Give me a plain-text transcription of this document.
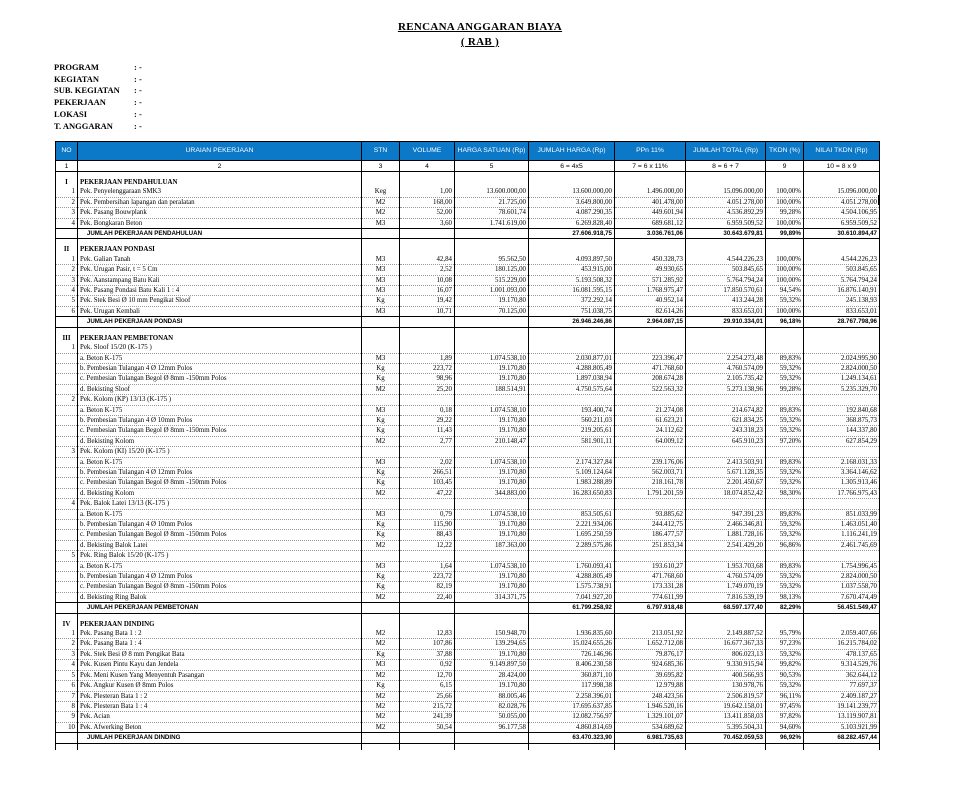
RENCANA ANGGARAN BIAYA
( RAB )
PROGRAM	: -
KEGIATAN	: -
SUB. KEGIATAN	: -
PEKERJAAN	: -
LOKASI	: -
T. ANGGARAN	: -
NO	URAIAN PEKERJAAN	STN	VOLUME	HARGA SATUAN (Rp)	JUMLAH HARGA (Rp)	PPn 11%	JUMLAH TOTAL (Rp)	TKDN (%)	NILAI TKDN (Rp)
1	2	3	4	5	6 = 4x5	7 = 6 x 11%	8 = 6 + 7	9	10 = 8 x 9

I	PEKERJAAN PENDAHULUAN								
1	Pek. Penyelenggaraan SMK3	Keg	1,00	13.600.000,00	13.600.000,00	1.496.000,00	15.096.000,00	100,00%	15.096.000,00
2	Pek. Pembersihan lapangan dan peralatan	M2	168,00	21.725,00	3.649.800,00	401.478,00	4.051.278,00	100,00%	4.051.278,00
3	Pek. Pasang Bouwplank	M2	52,00	78.601,74	4.087.290,35	449.601,94	4.536.892,29	99,28%	4.504.106,95
4	Pek. Bongkaran Beton	M3	3,60	1.741.619,00	6.269.828,40	689.681,12	6.959.509,52	100,00%	6.959.509,52
	JUMLAH PEKERJAAN PENDAHULUAN				27.606.918,75	3.036.761,06	30.643.679,81	99,89%	30.610.894,47

II	PEKERJAAN PONDASI								
1	Pek. Galian Tanah	M3	42,84	95.562,50	4.093.897,50	450.328,73	4.544.226,23	100,00%	4.544.226,23
2	Pek. Urugan Pasir, t = 5 Cm	M3	2,52	180.125,00	453.915,00	49.930,65	503.845,65	100,00%	503.845,65
3	Pek. Aanstampang Batu Kali	M3	10,08	515.229,00	5.193.508,32	571.285,92	5.764.794,24	100,00%	5.764.794,24
4	Pek. Pasang Pondasi Batu Kali 1 : 4	M3	16,07	1.001.093,00	16.081.595,15	1.768.975,47	17.850.570,61	94,54%	16.876.140,91
5	Pek. Stek Besi Ø 10 mm Pengikat Sloof	Kg	19,42	19.170,80	372.292,14	40.952,14	413.244,28	59,32%	245.138,93
6	Pek. Urugan Kembali	M3	10,71	70.125,00	751.038,75	82.614,26	833.653,01	100,00%	833.653,01
	JUMLAH PEKERJAAN PONDASI				26.946.246,86	2.964.087,15	29.910.334,01	96,18%	28.767.798,96

III	PEKERJAAN PEMBETONAN								
1	Pek. Sloof 15/20 (K-175 )								
	a. Beton K-175	M3	1,89	1.074.538,10	2.030.877,01	223.396,47	2.254.273,48	89,83%	2.024.995,90
	b. Pembesian Tulangan 4 Ø 12mm Polos	Kg	223,72	19.170,80	4.288.805,49	471.768,60	4.760.574,09	59,32%	2.824.000,50
	c. Pembesian Tulangan Begol Ø 8mm -150mm Polos	Kg	98,96	19.170,80	1.897.038,94	208.674,28	2.105.735,42	59,32%	1.249.134,61
	d. Bekisting Sloof	M2	25,20	188.514,91	4.750.575,64	522.563,32	5.273.138,96	99,28%	5.235.329,70
2	Pek. Kolom (KP) 13/13 (K-175 )								
	a. Beton K-175	M3	0,18	1.074.538,10	193.400,74	21.274,08	214.674,82	89,83%	192.840,68
	b. Pembesian Tulangan 4 Ø 10mm Polos	Kg	29,22	19.170,80	560.211,03	61.623,21	621.834,25	59,32%	368.875,73
	c. Pembesian Tulangan Begol Ø 8mm -150mm Polos	Kg	11,43	19.170,80	219.205,61	24.112,62	243.318,23	59,32%	144.337,80
	d. Bekisting Kolom	M2	2,77	210.148,47	581.901,11	64.009,12	645.910,23	97,20%	627.854,29
3	Pek. Kolom (KI) 15/20 (K-175 )								
	a. Beton K-175	M3	2,02	1.074.538,10	2.174.327,84	239.176,06	2.413.503,91	89,83%	2.168.031,33
	b. Pembesian Tulangan 4 Ø 12mm Polos	Kg	266,51	19.170,80	5.109.124,64	562.003,71	5.671.128,35	59,32%	3.364.146,62
	c. Pembesian Tulangan Begol Ø 8mm -150mm Polos	Kg	103,45	19.170,80	1.983.288,89	218.161,78	2.201.450,67	59,32%	1.305.913,46
	d. Bekisting Kolom	M2	47,22	344.883,00	16.283.650,83	1.791.201,59	18.074.852,42	98,30%	17.766.975,43
4	Pek. Balok Latei 13/13 (K-175 )								
	a. Beton K-175	M3	0,79	1.074.538,10	853.505,61	93.885,62	947.391,23	89,83%	851.033,99
	b. Pembesian Tulangan 4 Ø 10mm Polos	Kg	115,90	19.170,80	2.221.934,06	244.412,75	2.466.346,81	59,32%	1.463.051,40
	c. Pembesian Tulangan Begol Ø 8mm -150mm Polos	Kg	88,43	19.170,80	1.695.250,59	186.477,57	1.881.728,16	59,32%	1.116.241,19
	d. Bekisting Balok Latei	M2	12,22	187.363,00	2.289.575,86	251.853,34	2.541.429,20	96,86%	2.461.745,69
5	Pek. Ring Balok 15/20 (K-175 )								
	a. Beton K-175	M3	1,64	1.074.538,10	1.760.093,41	193.610,27	1.953.703,68	89,83%	1.754.996,45
	b. Pembesian Tulangan 4 Ø 12mm Polos	Kg	223,72	19.170,80	4.288.805,49	471.768,60	4.760.574,09	59,32%	2.824.000,50
	c. Pembesian Tulangan Begol Ø 8mm -150mm Polos	Kg	82,19	19.170,80	1.575.738,91	173.331,28	1.749.070,19	59,32%	1.037.558,70
	d. Bekisting Ring Balok	M2	22,40	314.371,75	7.041.927,20	774.611,99	7.816.539,19	98,13%	7.670.474,49
	JUMLAH PEKERJAAN PEMBETONAN				61.799.258,92	6.797.918,48	68.597.177,40	82,29%	56.451.549,47

IV	PEKERJAAN DINDING								
1	Pek. Pasang Bata 1 : 2	M2	12,83	150.948,70	1.936.835,60	213.051,92	2.149.887,52	95,79%	2.059.407,66
2	Pek. Pasang Bata 1 : 4	M2	107,86	139.294,65	15.024.655,26	1.652.712,08	16.677.367,33	97,23%	16.215.784,02
3	Pek. Stek Besi Ø 8 mm Pengikat Bata	Kg	37,88	19.170,80	726.146,96	79.876,17	806.023,13	59,32%	478.137,65
4	Pek. Kusen Pintu Kayu dan Jendela	M3	0,92	9.149.897,50	8.406.230,58	924.685,36	9.330.915,94	99,82%	9.314.529,76
5	Pek. Meni Kusen Yang Menyentuh Pasangan	M2	12,70	28.424,00	360.871,10	39.695,82	400.566,93	90,53%	362.644,12
6	Pek. Angkur Kusen Ø 8mm Polos	Kg	6,15	19.170,80	117.998,38	12.979,88	130.978,76	59,32%	77.697,37
7	Pek. Plesteran Bata 1 : 2	M2	25,66	88.005,46	2.258.396,01	248.423,56	2.506.819,57	96,11%	2.409.187,27
8	Pek. Plesteran Bata 1 : 4	M2	215,72	82.028,76	17.695.637,85	1.946.520,16	19.642.158,01	97,45%	19.141.239,77
9	Pek. Acian	M2	241,39	50.055,00	12.082.756,97	1.329.101,07	13.411.858,03	97,82%	13.119.907,81
10	Pek. Afwerking Beton	M2	50,54	96.177,58	4.860.814,69	534.689,62	5.395.504,31	94,60%	5.103.921,99
	JUMLAH PEKERJAAN DINDING				63.470.323,90	6.981.735,63	70.452.059,53	96,92%	68.282.457,44
